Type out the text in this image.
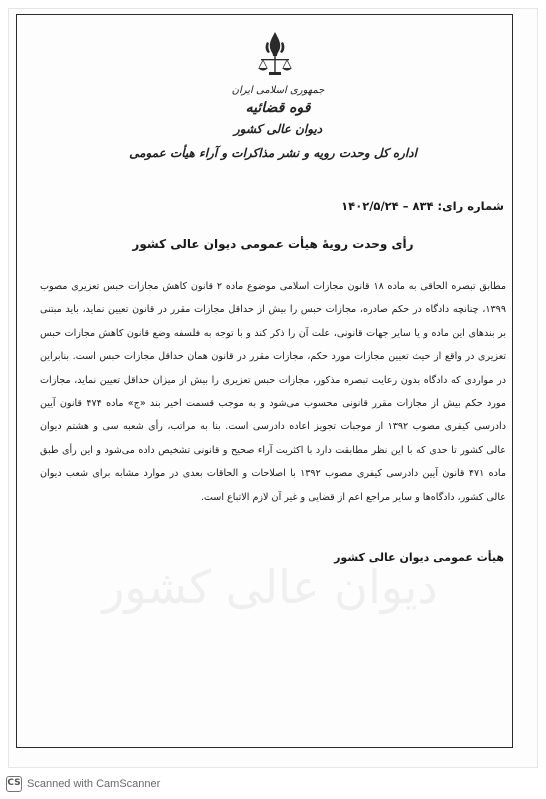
جمهوری اسلامی ایران
قوه قضائیه
دیوان عالی کشور
اداره کل وحدت رویه و نشر مذاکرات و آراء هیأت عمومی
شماره رای: ۸۳۴ – ۱۴۰۲/۵/۲۴
رأی وحدت رویهٔ هیأت عمومی دیوان عالی کشور
دیوان عالی کشور
مطابق تبصره الحاقی به ماده ۱۸ قانون مجازات اسلامی موضوع ماده ۲ قانون کاهش مجازات حبس تعزیری مصوب
۱۳۹۹، چنانچه دادگاه در حکم صادره، مجازات حبس را بیش از حداقل مجازات مقرر در قانون تعیین نماید، باید مبتنی
بر بندهای این ماده و یا سایر جهات قانونی، علت آن را ذکر کند و با توجه به فلسفه وضع قانون کاهش مجازات حبس
تعزیری در واقع از حیث تعیین مجازات مورد حکم، مجازات مقرر در قانون همان حداقل مجازات حبس است. بنابراین
در مواردی که دادگاه بدون رعایت تبصره مذکور، مجازات حبس تعزیری را بیش از میزان حداقل تعیین نماید، مجازات
مورد حکم بیش از مجازات مقرر قانونی محسوب می‌شود و به موجب قسمت اخیر بند «ج» ماده ۴۷۴ قانون آیین
دادرسی کیفری مصوب ۱۳۹۲ از موجبات تجویز اعاده دادرسی است. بنا به مراتب، رأی شعبه سی و هشتم دیوان
عالی کشور تا حدی که با این نظر مطابقت دارد با اکثریت آراء صحیح و قانونی تشخیص داده می‌شود و این رأی طبق
ماده ۴۷۱ قانون آیین دادرسی کیفری مصوب ۱۳۹۲ با اصلاحات و الحاقات بعدی در موارد مشابه برای شعب دیوان
عالی کشور، دادگاه‌ها و سایر مراجع اعم از قضایی و غیر آن لازم الاتباع است.
هیأت عمومی دیوان عالی کشور
CS Scanned with CamScanner
